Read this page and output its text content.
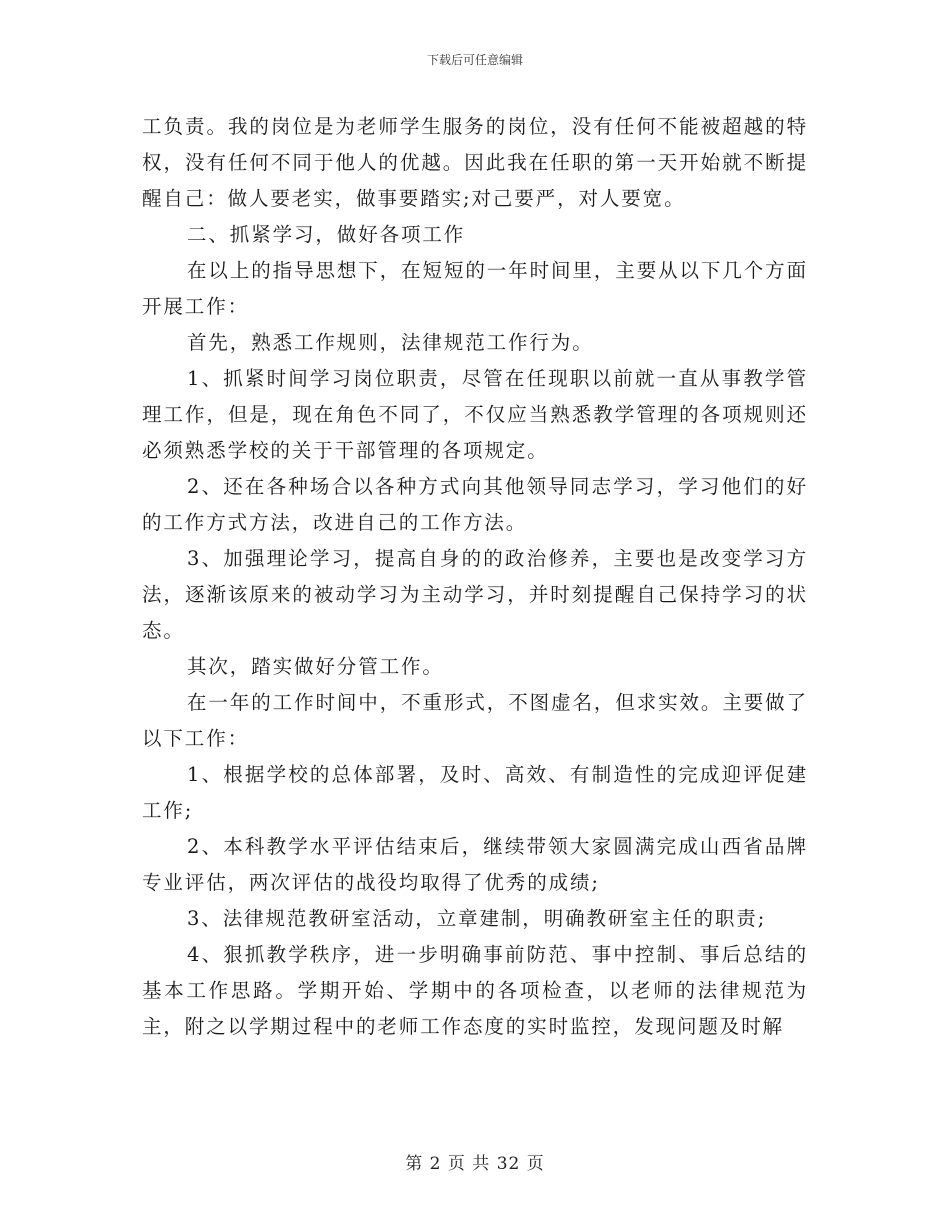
下载后可任意编辑

工负责。我的岗位是为老师学生服务的岗位，没有任何不能被超越的特权，没有任何不同于他人的优越。因此我在任职的第一天开始就不断提醒自己：做人要老实，做事要踏实;对己要严，对人要宽。

二、抓紧学习，做好各项工作

在以上的指导思想下，在短短的一年时间里，主要从以下几个方面开展工作：

首先，熟悉工作规则，法律规范工作行为。

1、抓紧时间学习岗位职责，尽管在任现职以前就一直从事教学管理工作，但是，现在角色不同了，不仅应当熟悉教学管理的各项规则还必须熟悉学校的关于干部管理的各项规定。

2、还在各种场合以各种方式向其他领导同志学习，学习他们的好的工作方式方法，改进自己的工作方法。

3、加强理论学习，提高自身的的政治修养，主要也是改变学习方法，逐渐该原来的被动学习为主动学习，并时刻提醒自己保持学习的状态。

其次，踏实做好分管工作。

在一年的工作时间中，不重形式，不图虚名，但求实效。主要做了以下工作：

1、根据学校的总体部署，及时、高效、有制造性的完成迎评促建工作;

2、本科教学水平评估结束后，继续带领大家圆满完成山西省品牌专业评估，两次评估的战役均取得了优秀的成绩;

3、法律规范教研室活动，立章建制，明确教研室主任的职责;

4、狠抓教学秩序，进一步明确事前防范、事中控制、事后总结的基本工作思路。学期开始、学期中的各项检查，以老师的法律规范为主，附之以学期过程中的老师工作态度的实时监控，发现问题及时解

第 2 页 共 32 页
